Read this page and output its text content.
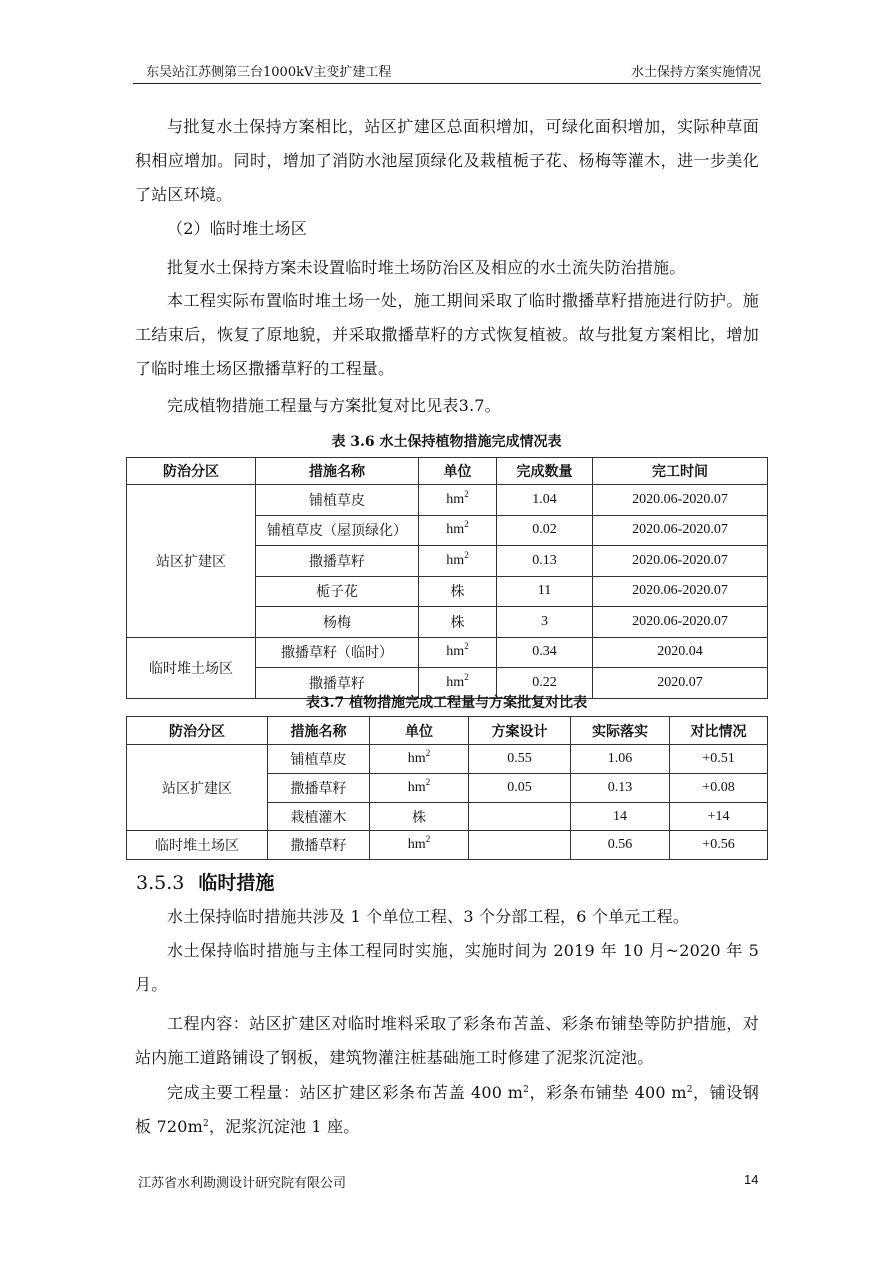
东吴站江苏侧第三台1000kV主变扩建工程	水土保持方案实施情况
与批复水土保持方案相比，站区扩建区总面积增加，可绿化面积增加，实际种草面积相应增加。同时，增加了消防水池屋顶绿化及栽植栀子花、杨梅等灌木，进一步美化了站区环境。
（2）临时堆土场区
批复水土保持方案未设置临时堆土场防治区及相应的水土流失防治措施。
本工程实际布置临时堆土场一处，施工期间采取了临时撒播草籽措施进行防护。施工结束后，恢复了原地貌，并采取撒播草籽的方式恢复植被。故与批复方案相比，增加了临时堆土场区撒播草籽的工程量。
完成植物措施工程量与方案批复对比见表3.7。
表 3.6 水土保持植物措施完成情况表
防治分区	措施名称	单位	完成数量	完工时间
站区扩建区	铺植草皮	$hm^2$	1.04	2020.06-2020.07
	铺植草皮（屋顶绿化）	$hm^2$	0.02	2020.06-2020.07
	撒播草籽	$hm^2$	0.13	2020.06-2020.07
	栀子花	株	11	2020.06-2020.07
	杨梅	株	3	2020.06-2020.07
临时堆土场区	撒播草籽（临时）	$hm^2$	0.34	2020.04
	撒播草籽	$hm^2$	0.22	2020.07
表3.7 植物措施完成工程量与方案批复对比表
防治分区	措施名称	单位	方案设计	实际落实	对比情况
站区扩建区	铺植草皮	$hm^2$	0.55	1.06	+0.51
	撒播草籽	$hm^2$	0.05	0.13	+0.08
	栽植灌木	株		14	+14
临时堆土场区	撒播草籽	$hm^2$		0.56	+0.56
3.5.3 临时措施
水土保持临时措施共涉及 1 个单位工程、3 个分部工程，6 个单元工程。
水土保持临时措施与主体工程同时实施，实施时间为 2019 年 10 月~2020 年 5 月。
工程内容：站区扩建区对临时堆料采取了彩条布苫盖、彩条布铺垫等防护措施，对站内施工道路铺设了钢板，建筑物灌注桩基础施工时修建了泥浆沉淀池。
完成主要工程量：站区扩建区彩条布苫盖 400 $m^2$，彩条布铺垫 400 $m^2$，铺设钢板 $720m^2$，泥浆沉淀池 1 座。
江苏省水利勘测设计研究院有限公司	14
